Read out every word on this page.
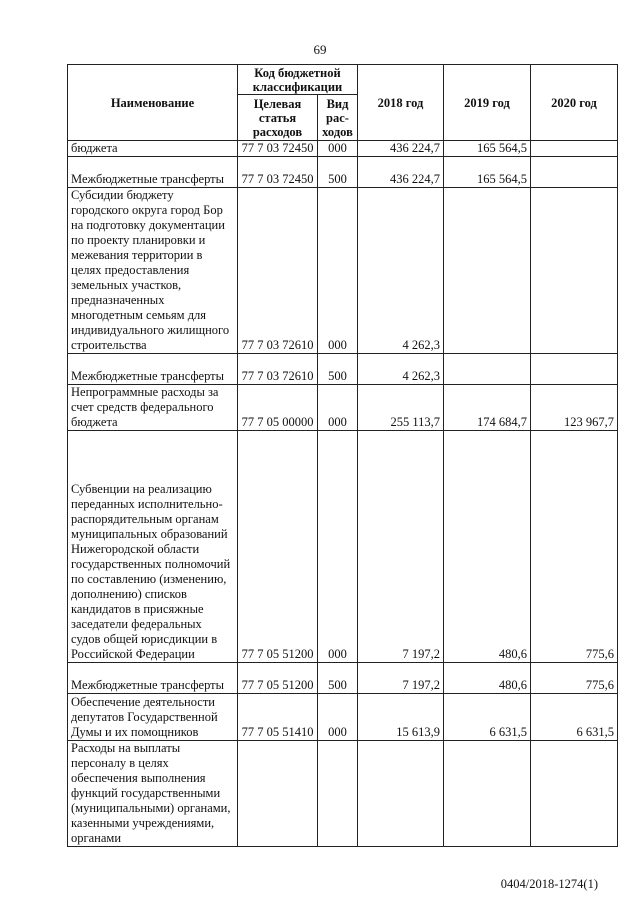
69
Наименование	Код бюджетной классификации		2018 год	2019 год	2020 год
	Целевая статья расходов	Вид рас-ходов			
бюджета	77 7 03 72450	000	436 224,7	165 564,5	
Межбюджетные трансферты	77 7 03 72450	500	436 224,7	165 564,5	
Субсидии бюджету городского округа город Бор на подготовку документации по проекту планировки и межевания территории в целях предоставления земельных участков, предназначенных многодетным семьям для индивидуального жилищного строительства	77 7 03 72610	000	4 262,3		
Межбюджетные трансферты	77 7 03 72610	500	4 262,3		
Непрограммные расходы за счет средств федерального бюджета	77 7 05 00000	000	255 113,7	174 684,7	123 967,7
Субвенции на реализацию переданных исполнительно-распорядительным органам муниципальных образований Нижегородской области государственных полномочий по составлению (изменению, дополнению) списков кандидатов в присяжные заседатели федеральных судов общей юрисдикции в Российской Федерации	77 7 05 51200	000	7 197,2	480,6	775,6
Межбюджетные трансферты	77 7 05 51200	500	7 197,2	480,6	775,6
Обеспечение деятельности депутатов Государственной Думы и их помощников	77 7 05 51410	000	15 613,9	6 631,5	6 631,5
Расходы на выплаты персоналу в целях обеспечения выполнения функций государственными (муниципальными) органами, казенными учреждениями, органами					
0404/2018-1274(1)
